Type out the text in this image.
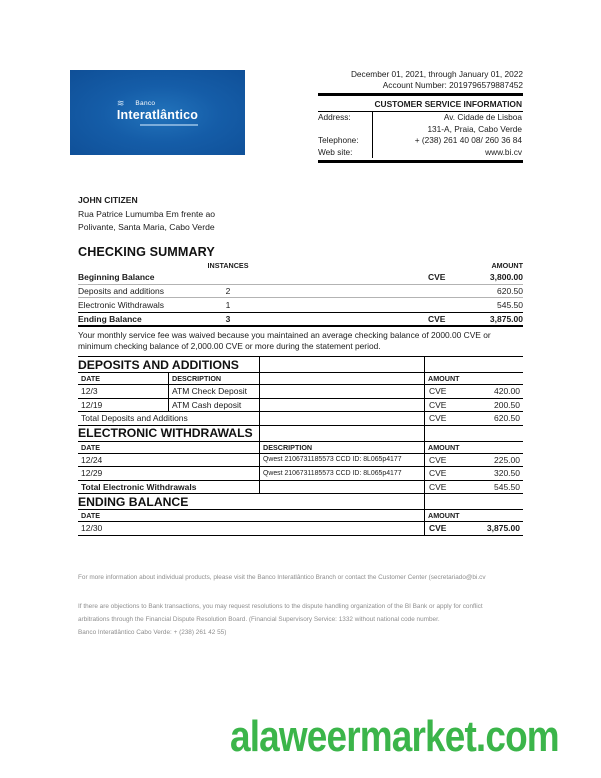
≋
Banco
Interatlântico
December 01, 2021, through January 01, 2022
Account Number: 2019796579887452
CUSTOMER SERVICE INFORMATION
Address:	Av. Cidade de Lisboa
131-A, Praia, Cabo Verde
Telephone:	+ (238) 261 40 08/ 260 36 84
Web site:	www.bi.cv
JOHN CITIZEN
Rua Patrice Lumumba Em frente ao
Polivante, Santa Maria, Cabo Verde
CHECKING SUMMARY
INSTANCES	AMOUNT
Beginning Balance	CVE	3,800.00
Deposits and additions	2	620.50
Electronic Withdrawals	1	545.50
Ending Balance	3	CVE	3,875.00
Your monthly service fee was waived because you maintained an average checking balance of 2000.00 CVE or minimum checking balance of 2,000.00 CVE or more during the statement period.
DEPOSITS AND ADDITIONS
DATE	DESCRIPTION	AMOUNT
12/3	ATM Check Deposit	CVE	420.00
12/19	ATM Cash deposit	CVE	200.50
Total Deposits and Additions	CVE	620.50
ELECTRONIC WITHDRAWALS
DATE	DESCRIPTION	AMOUNT
12/24	Qwest 2106731185573 CCD ID: 8L065p4177	CVE	225.00
12/29	Qwest 2106731185573 CCD ID: 8L065p4177	CVE	320.50
Total Electronic Withdrawals	CVE	545.50
ENDING BALANCE
DATE	AMOUNT
12/30	CVE	3,875.00
For more information about individual products, please visit the Banco Interatlântico Branch or contact the Customer Center (secretariado@bi.cv
If there are objections to Bank transactions, you may request resolutions to the dispute handling organization of the BI Bank or apply for conflict
arbitrations through the Financial Dispute Resolution Board. (Financial Supervisory Service: 1332 without national code number.
Banco Interatlântico Cabo Verde: + (238) 261 42 55)
alaweermarket.com
